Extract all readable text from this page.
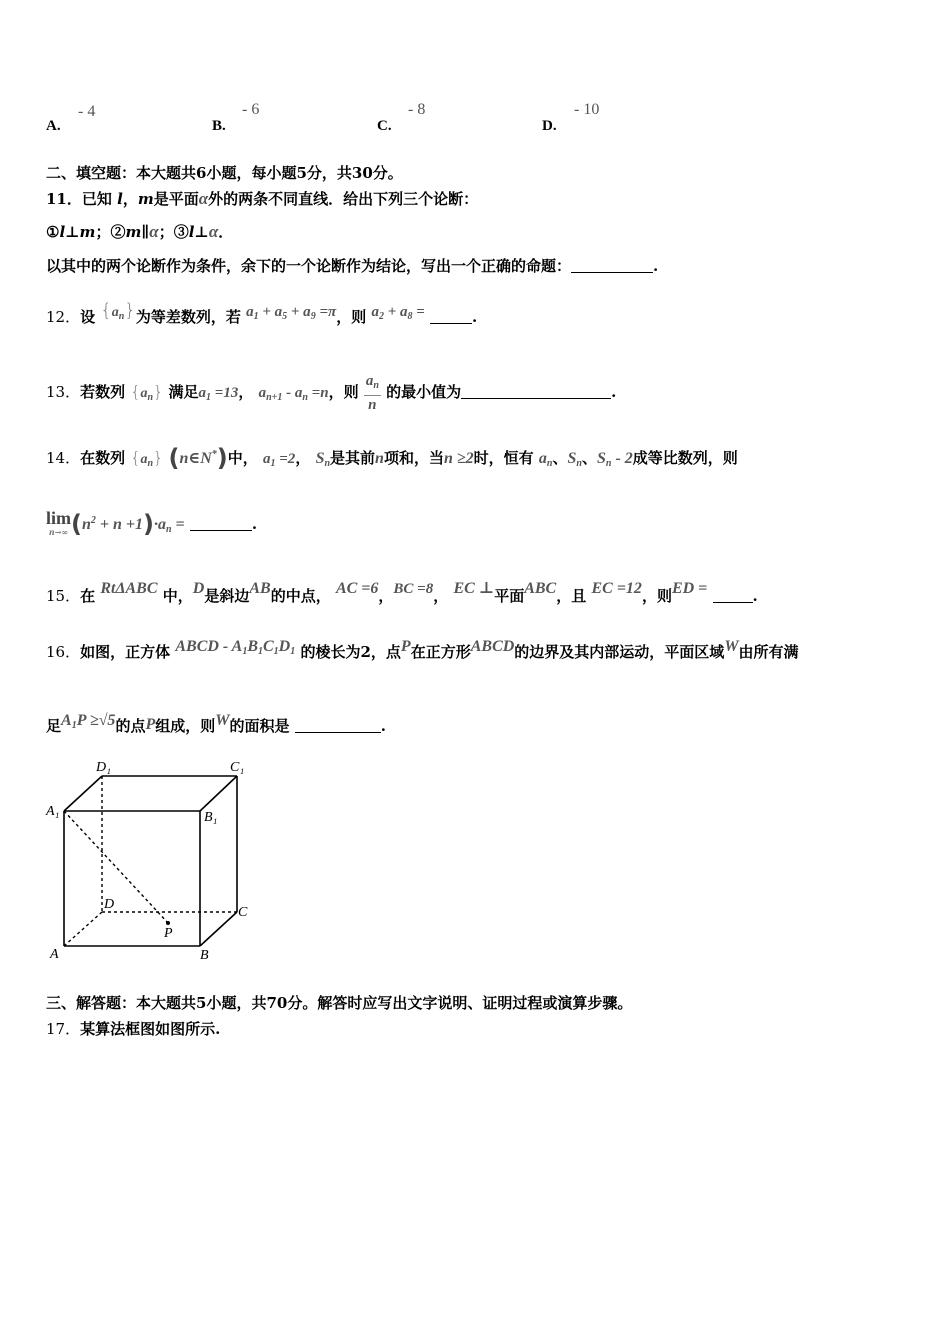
A.
- 4
B.
- 6
C.
- 8
D.
- 10
二、填空题：本大题共6小题，每小题5分，共30分。
11．已知 l，m是平面α外的两条不同直线．给出下列三个论断：
①l⊥m；②m∥α；③l⊥α．
以其中的两个论断作为条件，余下的一个论断作为结论，写出一个正确的命题：	.
12．设 $\{a_n\}$为等差数列，若 $a_1 + a_5 + a_9 =\pi$，则 $a_2 + a_8$ =	.
13．若数列 $\{a_n\}$ 满足$a_1 =13$， $a_{n+1} - a_n =n$，则 $\frac{a_n}{n}$ 的最小值为	.
14．在数列 $\{a_n\}$ (n∈N*)中， $a_1 =2$， $S_n$是其前n项和，当n ≥2时，恒有 $a_n$、$S_n$、$S_n - 2$成等比数列，则
lim
n→∞ $(n^2 + n +1)\cdot a_n$ =	.
15．在 RtΔABC 中，D是斜边AB的中点， AC =6，BC =8， EC ⊥平面ABC，且 EC =12，则ED =	.
16．如图，正方体 ABCD - $A_1B_1C_1D_1$ 的棱长为2，点P在正方形ABCD的边界及其内部运动，平面区域W由所有满
足$A_1P \ge√5$的点P组成，则W的面积是	.
D₁	C₁
A₁	B₁
D
C
P
A	B
三、解答题：本大题共5小题，共70分。解答时应写出文字说明、证明过程或演算步骤。
17．某算法框图如图所示.
